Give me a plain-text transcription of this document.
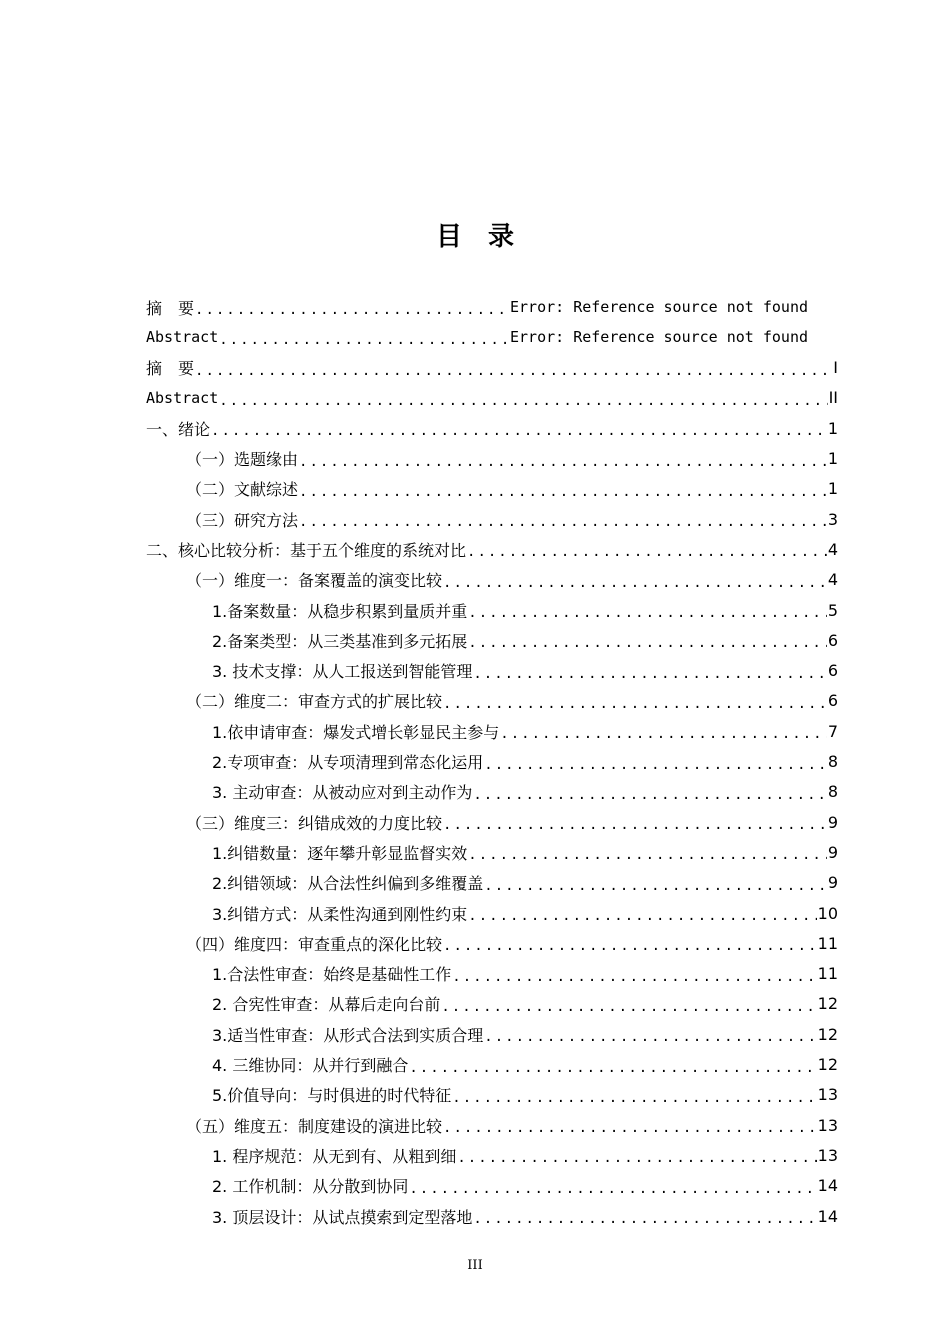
目　录
摘　要 .....	Error: Reference source not found
Abstract .....	Error: Reference source not found
摘　要 .....	I
Abstract .....	II
一、绪论 .....	1
（一）选题缘由 .....	1
（二）文献综述 .....	1
（三）研究方法 .....	3
二、核心比较分析：基于五个维度的系统对比 .....	4
（一）维度一：备案覆盖的演变比较 .....	4
1.备案数量：从稳步积累到量质并重 .....	5
2.备案类型：从三类基准到多元拓展 .....	6
3. 技术支撑：从人工报送到智能管理 .....	6
（二）维度二：审查方式的扩展比较 .....	6
1.依申请审查：爆发式增长彰显民主参与 .....	7
2.专项审查：从专项清理到常态化运用 .....	8
3. 主动审查：从被动应对到主动作为 .....	8
（三）维度三：纠错成效的力度比较 .....	9
1.纠错数量：逐年攀升彰显监督实效 .....	9
2.纠错领域：从合法性纠偏到多维覆盖 .....	9
3.纠错方式：从柔性沟通到刚性约束 .....	10
（四）维度四：审查重点的深化比较 .....	11
1.合法性审查：始终是基础性工作 .....	11
2. 合宪性审查：从幕后走向台前 .....	12
3.适当性审查：从形式合法到实质合理 .....	12
4. 三维协同：从并行到融合 .....	12
5.价值导向：与时俱进的时代特征 .....	13
（五）维度五：制度建设的演进比较 .....	13
1. 程序规范：从无到有、从粗到细 .....	13
2. 工作机制：从分散到协同 .....	14
3. 顶层设计：从试点摸索到定型落地 .....	14
III
